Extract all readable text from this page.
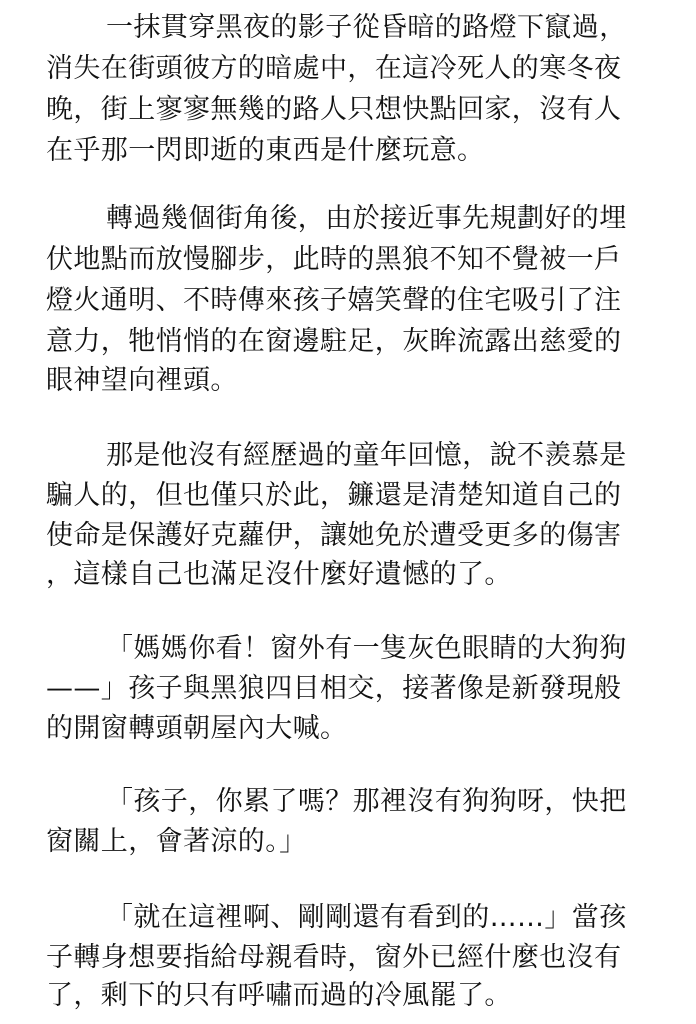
一抹貫穿黑夜的影子從昏暗的路燈下竄過，
消失在街頭彼方的暗處中，在這冷死人的寒冬夜
晚，街上寥寥無幾的路人只想快點回家，沒有人
在乎那一閃即逝的東西是什麼玩意。
轉過幾個街角後，由於接近事先規劃好的埋
伏地點而放慢腳步，此時的黑狼不知不覺被一戶
燈火通明、不時傳來孩子嬉笑聲的住宅吸引了注
意力，牠悄悄的在窗邊駐足，灰眸流露出慈愛的
眼神望向裡頭。
那是他沒有經歷過的童年回憶，說不羨慕是
騙人的，但也僅只於此，鐮還是清楚知道自己的
使命是保護好克蘿伊，讓她免於遭受更多的傷害
，這樣自己也滿足沒什麼好遺憾的了。
「媽媽你看！窗外有一隻灰色眼睛的大狗狗
——」孩子與黑狼四目相交，接著像是新發現般
的開窗轉頭朝屋內大喊。
「孩子，你累了嗎？那裡沒有狗狗呀，快把
窗關上，會著涼的。」
「就在這裡啊、剛剛還有看到的……」當孩
子轉身想要指給母親看時，窗外已經什麼也沒有
了，剩下的只有呼嘯而過的冷風罷了。
